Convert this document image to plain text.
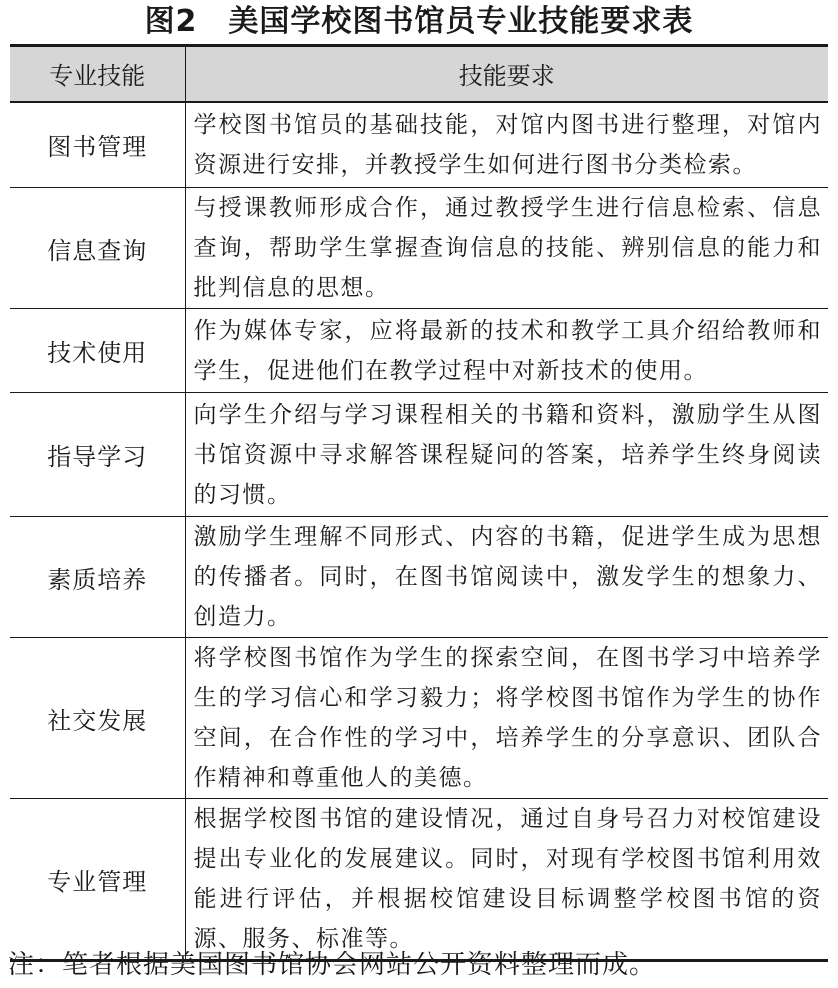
图2　美国学校图书馆员专业技能要求表
专业技能	技能要求
图书管理	学校图书馆员的基础技能，对馆内图书进行整理，对馆内资源进行安排，并教授学生如何进行图书分类检索。
信息查询	与授课教师形成合作，通过教授学生进行信息检索、信息查询，帮助学生掌握查询信息的技能、辨别信息的能力和批判信息的思想。
技术使用	作为媒体专家，应将最新的技术和教学工具介绍给教师和学生，促进他们在教学过程中对新技术的使用。
指导学习	向学生介绍与学习课程相关的书籍和资料，激励学生从图书馆资源中寻求解答课程疑问的答案，培养学生终身阅读的习惯。
素质培养	激励学生理解不同形式、内容的书籍，促进学生成为思想的传播者。同时，在图书馆阅读中，激发学生的想象力、创造力。
社交发展	将学校图书馆作为学生的探索空间，在图书学习中培养学生的学习信心和学习毅力；将学校图书馆作为学生的协作空间，在合作性的学习中，培养学生的分享意识、团队合作精神和尊重他人的美德。
专业管理	根据学校图书馆的建设情况，通过自身号召力对校馆建设提出专业化的发展建议。同时，对现有学校图书馆利用效能进行评估，并根据校馆建设目标调整学校图书馆的资源、服务、标准等。
注：笔者根据美国图书馆协会网站公开资料整理而成。
